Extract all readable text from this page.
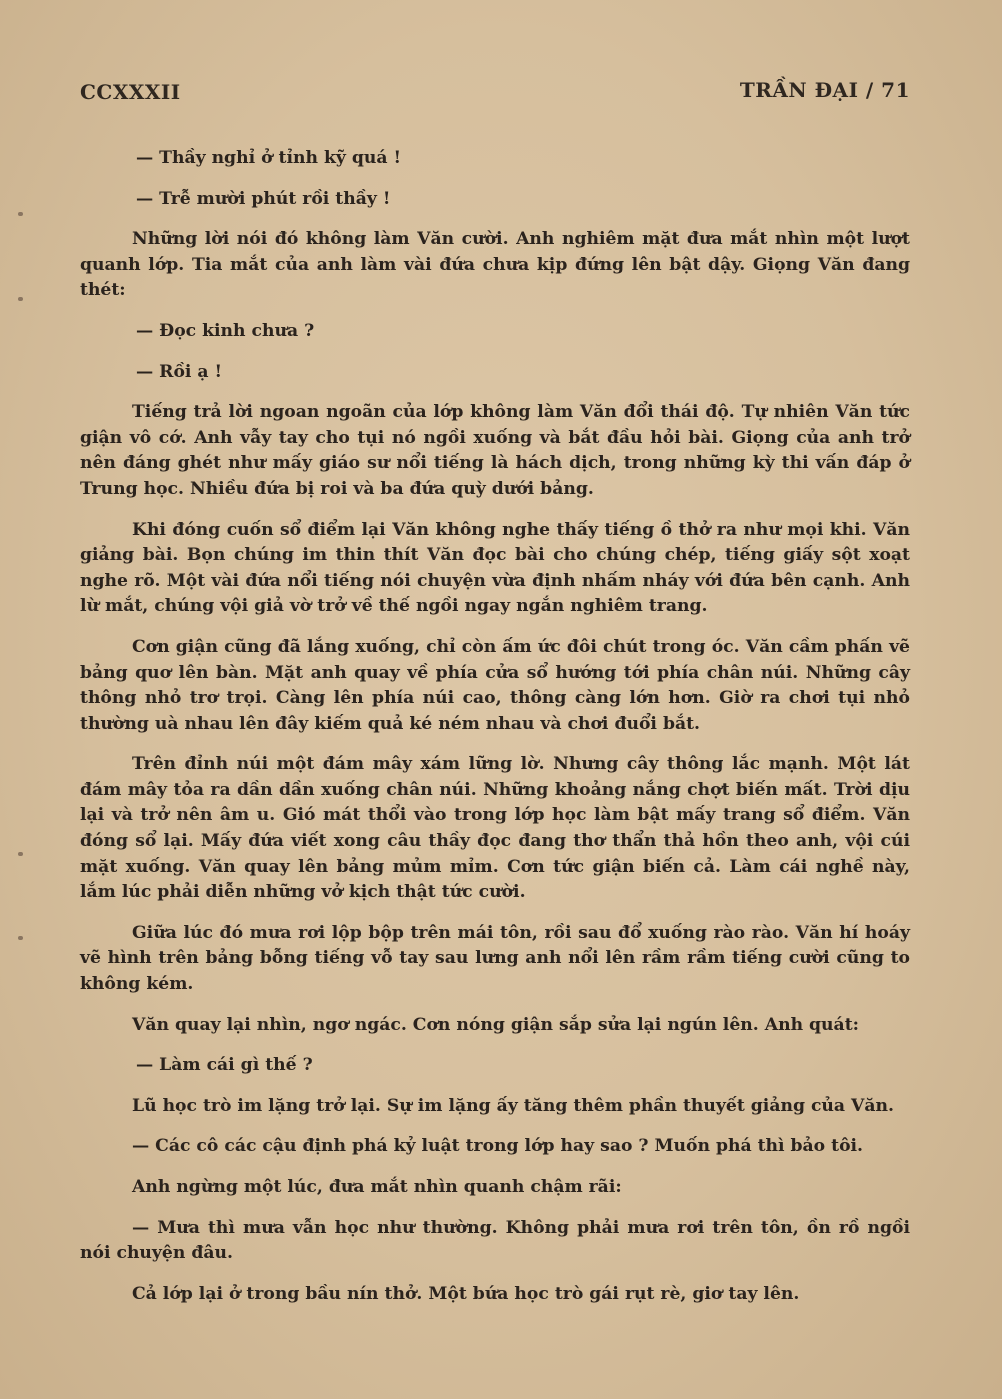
CCXXXII	TRẦN ĐẠI / 71

— Thầy nghỉ ở tỉnh kỹ quá !

— Trễ mười phút rồi thầy !

Những lời nói đó không làm Văn cười. Anh nghiêm mặt đưa mắt nhìn một lượt quanh lớp. Tia mắt của anh làm vài đứa chưa kịp đứng lên bật dậy. Giọng Văn đang thét:

— Đọc kinh chưa ?

— Rồi ạ !

Tiếng trả lời ngoan ngoãn của lớp không làm Văn đổi thái độ. Tự nhiên Văn tức giận vô cớ. Anh vẫy tay cho tụi nó ngồi xuống và bắt đầu hỏi bài. Giọng của anh trở nên đáng ghét như mấy giáo sư nổi tiếng là hách dịch, trong những kỳ thi vấn đáp ở Trung học. Nhiều đứa bị roi và ba đứa quỳ dưới bảng.

Khi đóng cuốn sổ điểm lại Văn không nghe thấy tiếng ồ thở ra như mọi khi. Văn giảng bài. Bọn chúng im thin thít Văn đọc bài cho chúng chép, tiếng giấy sột xoạt nghe rõ. Một vài đứa nổi tiếng nói chuyện vừa định nhấm nháy với đứa bên cạnh. Anh lừ mắt, chúng vội giả vờ trở về thế ngồi ngay ngắn nghiêm trang.

Cơn giận cũng đã lắng xuống, chỉ còn ấm ức đôi chút trong óc. Văn cầm phấn vẽ bảng quơ lên bàn. Mặt anh quay về phía cửa sổ hướng tới phía chân núi. Những cây thông nhỏ trơ trọi. Càng lên phía núi cao, thông càng lớn hơn. Giờ ra chơi tụi nhỏ thường uà nhau lên đây kiếm quả ké ném nhau và chơi đuổi bắt.

Trên đỉnh núi một đám mây xám lững lờ. Nhưng cây thông lắc mạnh. Một lát đám mây tỏa ra dần dần xuống chân núi. Những khoảng nắng chợt biến mất. Trời dịu lại và trở nên âm u. Gió mát thổi vào trong lớp học làm bật mấy trang sổ điểm. Văn đóng sổ lại. Mấy đứa viết xong câu thầy đọc đang thơ thẩn thả hồn theo anh, vội cúi mặt xuống. Văn quay lên bảng mủm mỉm. Cơn tức giận biến cả. Làm cái nghề này, lắm lúc phải diễn những vở kịch thật tức cười.

Giữa lúc đó mưa rơi lộp bộp trên mái tôn, rồi sau đổ xuống rào rào. Văn hí hoáy vẽ hình trên bảng bỗng tiếng vỗ tay sau lưng anh nổi lên rầm rầm tiếng cười cũng to không kém.

Văn quay lại nhìn, ngơ ngác. Cơn nóng giận sắp sửa lại ngún lên. Anh quát:

— Làm cái gì thế ?

Lũ học trò im lặng trở lại. Sự im lặng ấy tăng thêm phần thuyết giảng của Văn.

— Các cô các cậu định phá kỷ luật trong lớp hay sao ? Muốn phá thì bảo tôi.

Anh ngừng một lúc, đưa mắt nhìn quanh chậm rãi:

— Mưa thì mưa vẫn học như thường. Không phải mưa rơi trên tôn, ồn rồ ngồi nói chuyện đâu.

Cả lớp lại ở trong bầu nín thở. Một bứa học trò gái rụt rè, giơ tay lên.
